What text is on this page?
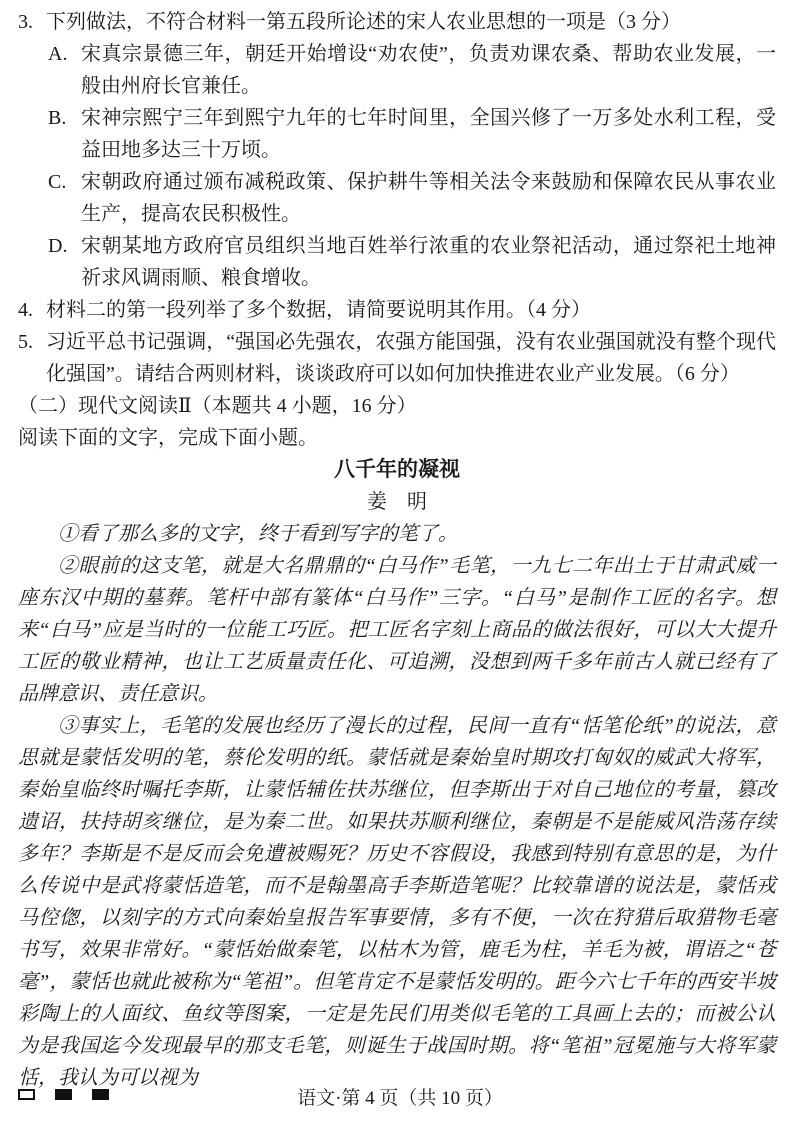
3. 下列做法，不符合材料一第五段所论述的宋人农业思想的一项是（3 分）
A. 宋真宗景德三年，朝廷开始增设“劝农使”，负责劝课农桑、帮助农业发展，一般由州府长官兼任。
B. 宋神宗熙宁三年到熙宁九年的七年时间里，全国兴修了一万多处水利工程，受益田地多达三十万顷。
C. 宋朝政府通过颁布减税政策、保护耕牛等相关法令来鼓励和保障农民从事农业生产，提高农民积极性。
D. 宋朝某地方政府官员组织当地百姓举行浓重的农业祭祀活动，通过祭祀土地神祈求风调雨顺、粮食增收。
4. 材料二的第一段列举了多个数据，请简要说明其作用。（4 分）
5. 习近平总书记强调，“强国必先强农，农强方能国强，没有农业强国就没有整个现代化强国”。请结合两则材料，谈谈政府可以如何加快推进农业产业发展。（6 分）
（二）现代文阅读Ⅱ（本题共 4 小题，16 分）
阅读下面的文字，完成下面小题。
八千年的凝视
姜　明

①看了那么多的文字，终于看到写字的笔了。

②眼前的这支笔，就是大名鼎鼎的“白马作”毛笔，一九七二年出土于甘肃武威一座东汉中期的墓葬。笔杆中部有篆体“白马作”三字。“白马”是制作工匠的名字。想来“白马”应是当时的一位能工巧匠。把工匠名字刻上商品的做法很好，可以大大提升工匠的敬业精神，也让工艺质量责任化、可追溯，没想到两千多年前古人就已经有了品牌意识、责任意识。

③事实上，毛笔的发展也经历了漫长的过程，民间一直有“恬笔伦纸”的说法，意思就是蒙恬发明的笔，蔡伦发明的纸。蒙恬就是秦始皇时期攻打匈奴的威武大将军，秦始皇临终时嘱托李斯，让蒙恬辅佐扶苏继位，但李斯出于对自己地位的考量，篡改遗诏，扶持胡亥继位，是为秦二世。如果扶苏顺利继位，秦朝是不是能威风浩荡存续多年？李斯是不是反而会免遭被赐死？历史不容假设，我感到特别有意思的是，为什么传说中是武将蒙恬造笔，而不是翰墨高手李斯造笔呢？比较靠谱的说法是，蒙恬戎马倥偬，以刻字的方式向秦始皇报告军事要情，多有不便，一次在狩猎后取猎物毛毫书写，效果非常好。“蒙恬始做秦笔，以枯木为管，鹿毛为柱，羊毛为被，谓语之“苍毫”，蒙恬也就此被称为“笔祖”。但笔肯定不是蒙恬发明的。距今六七千年的西安半坡彩陶上的人面纹、鱼纹等图案，一定是先民们用类似毛笔的工具画上去的；而被公认为是我国迄今发现最早的那支毛笔，则诞生于战国时期。将“笔祖”冠冕施与大将军蒙恬，我认为可以视为

语文·第 4 页（共 10 页）
